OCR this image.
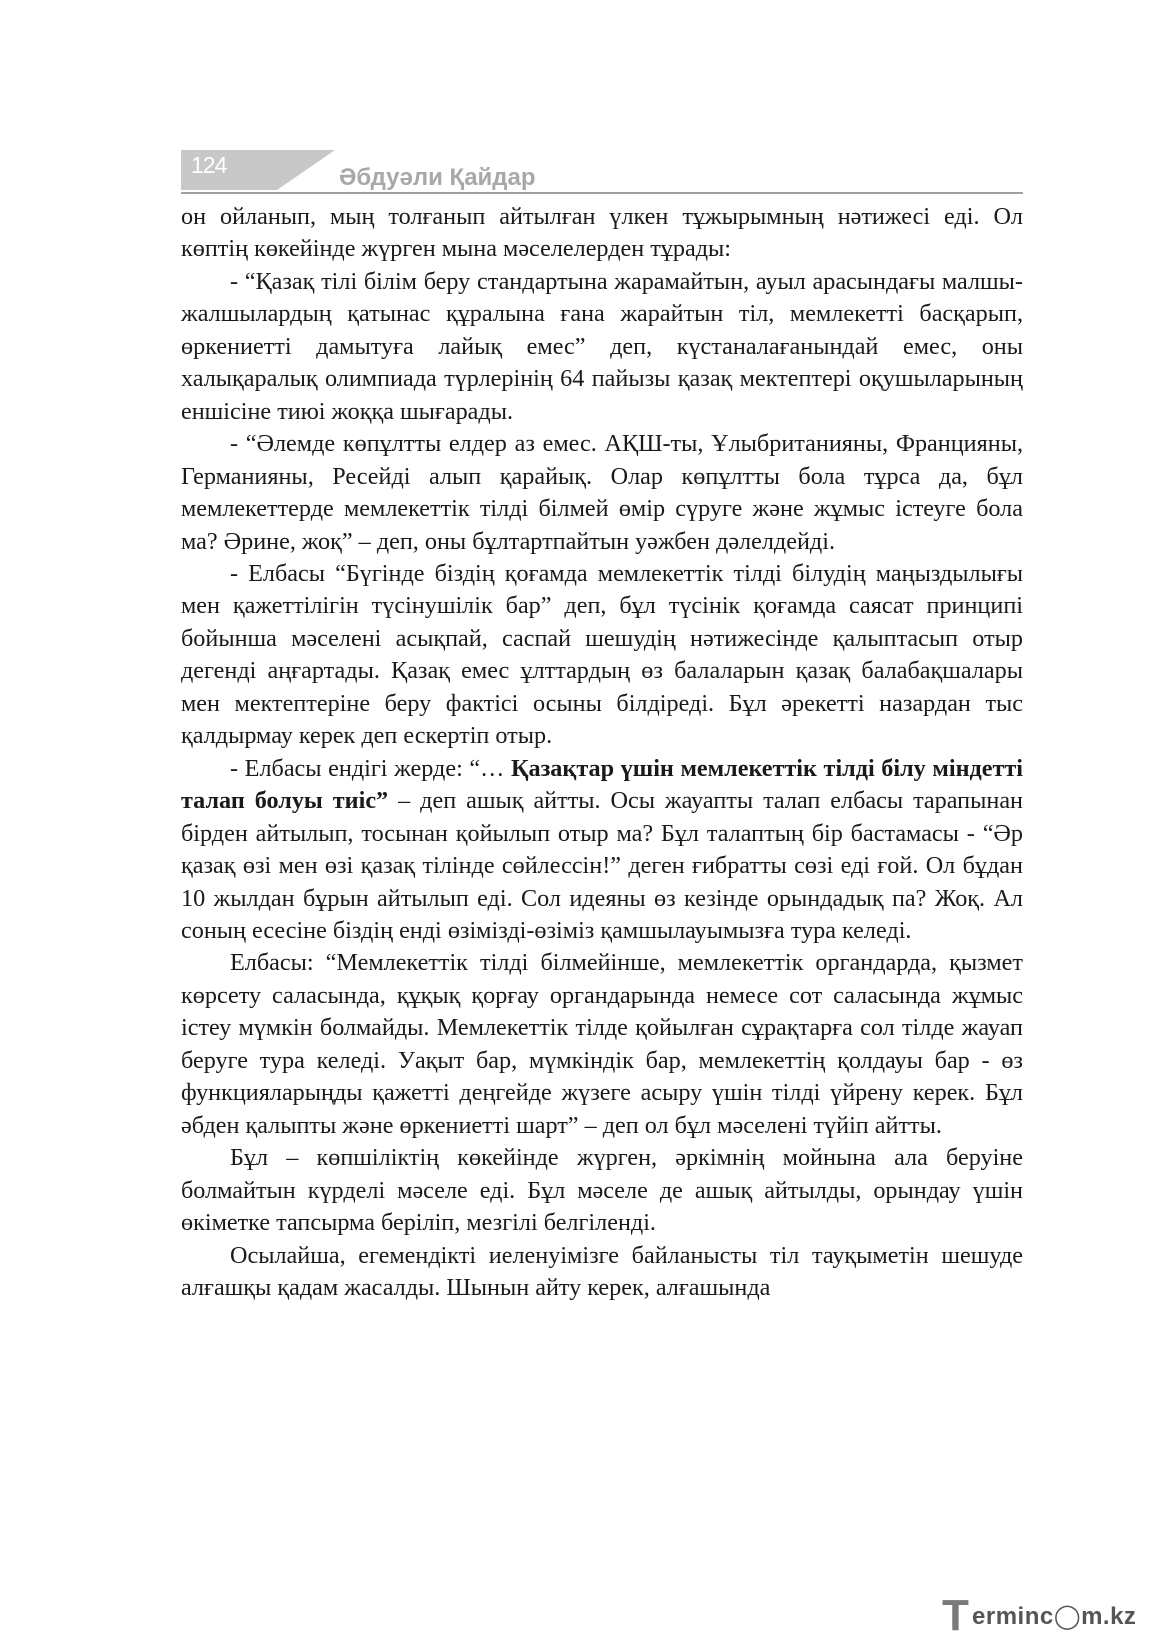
124	Әбдуәли Қайдар

он ойланып, мың толғанып айтылған үлкен тұжырымның нәтижесі еді. Ол көптің көкейінде жүрген мына мәселелерден тұрады:

- “Қазақ тілі білім беру стандартына жарамайтын, ауыл арасындағы малшы-жалшылардың қатынас құралына ғана жарайтын тіл, мемлекетті басқарып, өркениетті дамытуға лайық емес” деп, күстаналағанындай емес, оны халықаралық олимпиада түрлерінің 64 пайызы қазақ мектептері оқушыларының еншісіне тиюі жоққа шығарады.

- “Әлемде көпұлтты елдер аз емес. АҚШ-ты, Ұлыбританияны, Францияны, Германияны, Ресейді алып қарайық. Олар көпұлтты бола тұрса да, бұл мемлекеттерде мемлекеттік тілді білмей өмір сүруге және жұмыс істеуге бола ма? Әрине, жоқ” – деп, оны бұлтартпайтын уәжбен дәлелдейді.

- Елбасы “Бүгінде біздің қоғамда мемлекеттік тілді білудің маңыздылығы мен қажеттілігін түсінушілік бар” деп, бұл түсінік қоғамда саясат принципі бойынша мәселені асықпай, саспай шешудің нәтижесінде қалыптасып отыр дегенді аңғартады. Қазақ емес ұлттардың өз балаларын қазақ балабақшалары мен мектептеріне беру фактісі осыны білдіреді. Бұл әрекетті назардан тыс қалдырмау керек деп ескертіп отыр.

- Елбасы ендігі жерде: “… Қазақтар үшін мемлекеттік тілді білу міндетті талап болуы тиіс” – деп ашық айтты. Осы жауапты талап елбасы тарапынан бірден айтылып, тосынан қойылып отыр ма? Бұл талаптың бір бастамасы - “Әр қазақ өзі мен өзі қазақ тілінде сөйлессін!” деген ғибратты сөзі еді ғой. Ол бұдан 10 жылдан бұрын айтылып еді. Сол идеяны өз кезінде орындадық па? Жоқ. Ал соның есесіне біздің енді өзімізді-өзіміз қамшылауымызға тура келеді.

Елбасы: “Мемлекеттік тілді білмейінше, мемлекеттік органдарда, қызмет көрсету саласында, құқық қорғау органдарында немесе сот саласында жұмыс істеу мүмкін болмайды. Мемлекеттік тілде қойылған сұрақтарға сол тілде жауап беруге тура келеді. Уақыт бар, мүмкіндік бар, мемлекеттің қолдауы бар - өз функцияларыңды қажетті деңгейде жүзеге асыру үшін тілді үйрену керек. Бұл әбден қалыпты және өркениетті шарт” – деп ол бұл мәселені түйіп айтты.

Бұл – көпшіліктің көкейінде жүрген, әркімнің мойнына ала беруіне болмайтын күрделі мәселе еді. Бұл мәселе де ашық айтылды, орындау үшін өкіметке тапсырма беріліп, мезгілі белгіленді.

Осылайша, егемендікті иеленуімізге байланысты тіл тауқыметін шешуде алғашқы қадам жасалды. Шынын айту керек, алғашында

T erminc◯m.kz
